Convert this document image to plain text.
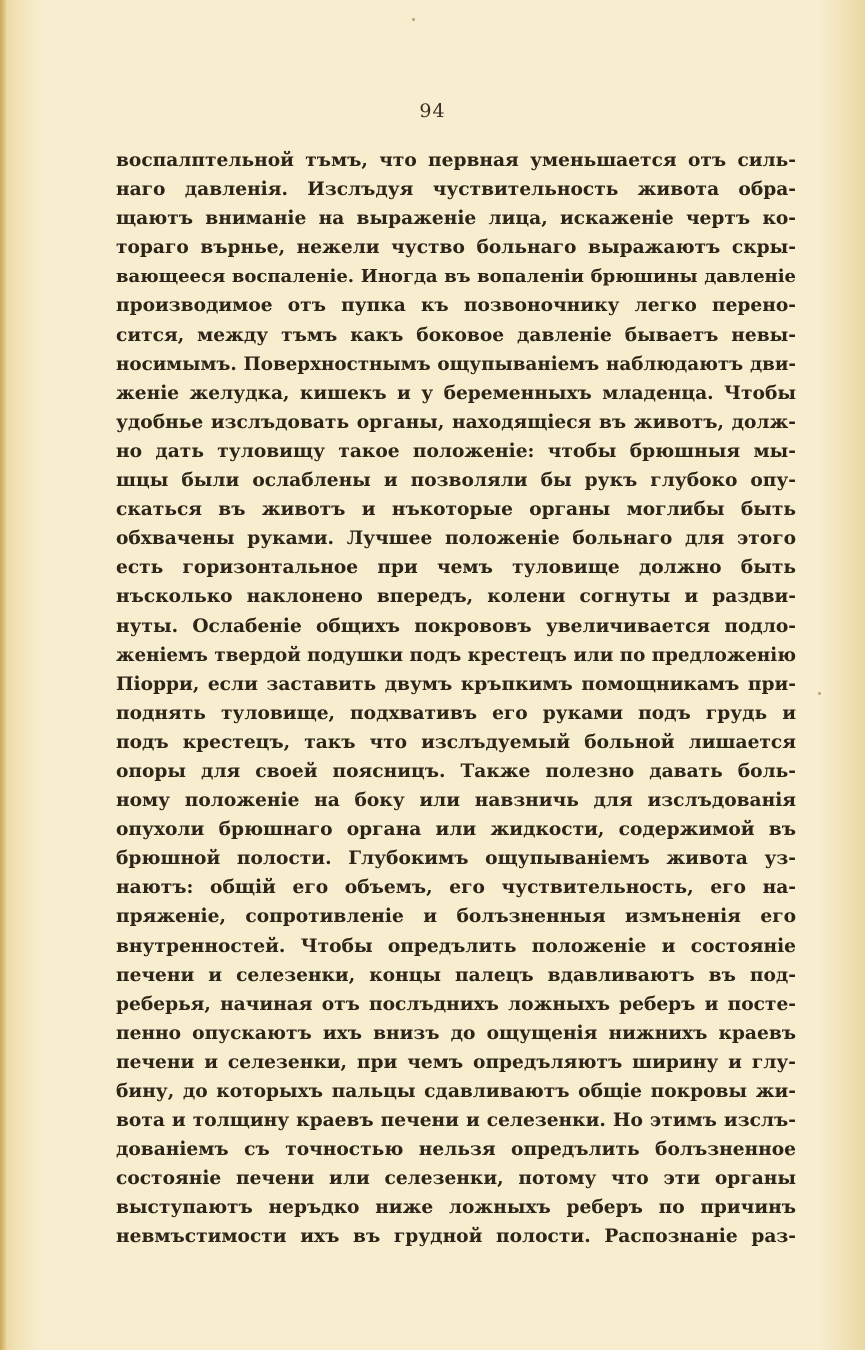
94
воспалптельной тъмъ, что первная уменьшается отъ силь-
наго давленія. Изслъдуя чуствительность живота обра-
щаютъ вниманіе на выраженіе лица, искаженіе чертъ ко-
тораго върнье, нежели чуство больнаго выражаютъ скры-
вающееся воспаленіе. Иногда въ вопаленіи брюшины давленіе
производимое отъ пупка къ позвоночнику легко перено-
сится, между тъмъ какъ боковое давленіе бываетъ невы-
носимымъ. Поверхностнымъ ощупываніемъ наблюдаютъ дви-
женіе желудка, кишекъ и у беременныхъ младенца. Чтобы
удобнье изслъдовать органы, находящіеся въ животъ, долж-
но дать туловищу такое положеніе: чтобы брюшныя мы-
шцы были ослаблены и позволяли бы рукъ глубоко опу-
скаться въ животъ и нъкоторые органы моглибы быть
обхвачены руками. Лучшее положеніе больнаго для этого
есть горизонтальное при чемъ туловище должно быть
нъсколько наклонено впередъ, колени согнуты и раздви-
нуты. Ослабеніе общихъ покрововъ увеличивается подло-
женіемъ твердой подушки подъ крестецъ или по предложенію
Піорри, если заставить двумъ кръпкимъ помощникамъ при-
поднять туловище, подхвативъ его руками подъ грудь и
подъ крестецъ, такъ что изслъдуемый больной лишается
опоры для своей поясницъ. Также полезно давать боль-
ному положеніе на боку или навзничь для изслъдованія
опухоли брюшнаго органа или жидкости, содержимой въ
брюшной полости. Глубокимъ ощупываніемъ живота уз-
наютъ: общій его объемъ, его чуствительность, его на-
пряженіе, сопротивленіе и болъзненныя измъненія его
внутренностей. Чтобы опредълить положеніе и состояніе
печени и селезенки, концы палецъ вдавливаютъ въ под-
реберья, начиная отъ послъднихъ ложныхъ реберъ и посте-
пенно опускаютъ ихъ внизъ до ощущенія нижнихъ краевъ
печени и селезенки, при чемъ опредъляютъ ширину и глу-
бину, до которыхъ пальцы сдавливаютъ общіе покровы жи-
вота и толщину краевъ печени и селезенки. Но этимъ изслъ-
дованіемъ съ точностью нельзя опредълить болъзненное
состояніе печени или селезенки, потому что эти органы
выступаютъ неръдко ниже ложныхъ реберъ по причинъ
невмъстимости ихъ въ грудной полости. Распознаніе раз-
